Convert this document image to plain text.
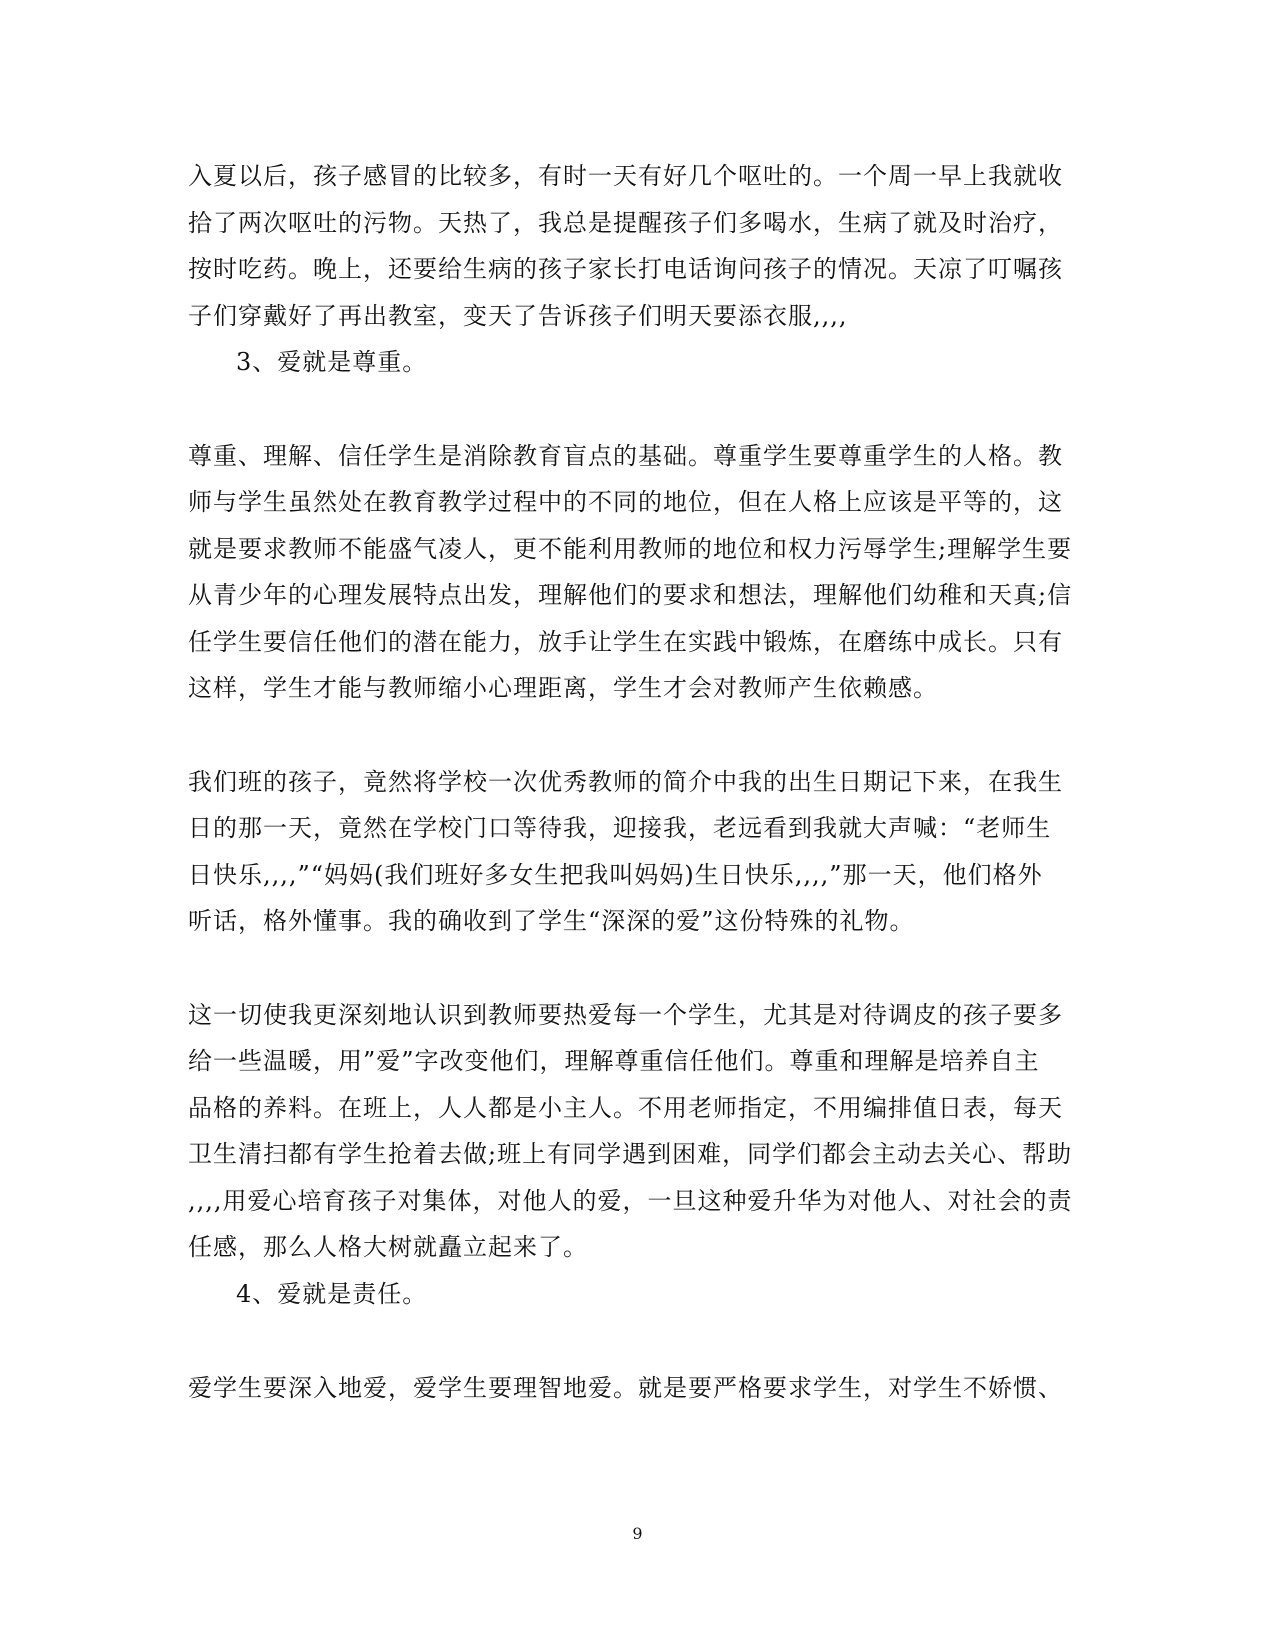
入夏以后，孩子感冒的比较多，有时一天有好几个呕吐的。一个周一早上我就收
拾了两次呕吐的污物。天热了，我总是提醒孩子们多喝水，生病了就及时治疗，
按时吃药。晚上，还要给生病的孩子家长打电话询问孩子的情况。天凉了叮嘱孩
子们穿戴好了再出教室，变天了告诉孩子们明天要添衣服,,,,
3、爱就是尊重。
尊重、理解、信任学生是消除教育盲点的基础。尊重学生要尊重学生的人格。教
师与学生虽然处在教育教学过程中的不同的地位，但在人格上应该是平等的，这
就是要求教师不能盛气凌人，更不能利用教师的地位和权力污辱学生;理解学生要
从青少年的心理发展特点出发，理解他们的要求和想法，理解他们幼稚和天真;信
任学生要信任他们的潜在能力，放手让学生在实践中锻炼，在磨练中成长。只有
这样，学生才能与教师缩小心理距离，学生才会对教师产生依赖感。
我们班的孩子，竟然将学校一次优秀教师的简介中我的出生日期记下来，在我生
日的那一天，竟然在学校门口等待我，迎接我，老远看到我就大声喊：“老师生
日快乐,,,,”“妈妈(我们班好多女生把我叫妈妈)生日快乐,,,,”那一天，他们格外
听话，格外懂事。我的确收到了学生“深深的爱”这份特殊的礼物。
这一切使我更深刻地认识到教师要热爱每一个学生，尤其是对待调皮的孩子要多
给一些温暖，用”爱”字改变他们，理解尊重信任他们。尊重和理解是培养自主
品格的养料。在班上，人人都是小主人。不用老师指定，不用编排值日表，每天
卫生清扫都有学生抢着去做;班上有同学遇到困难，同学们都会主动去关心、帮助
,,,,用爱心培育孩子对集体，对他人的爱，一旦这种爱升华为对他人、对社会的责
任感，那么人格大树就矗立起来了。
4、爱就是责任。
爱学生要深入地爱，爱学生要理智地爱。就是要严格要求学生，对学生不娇惯、
9
